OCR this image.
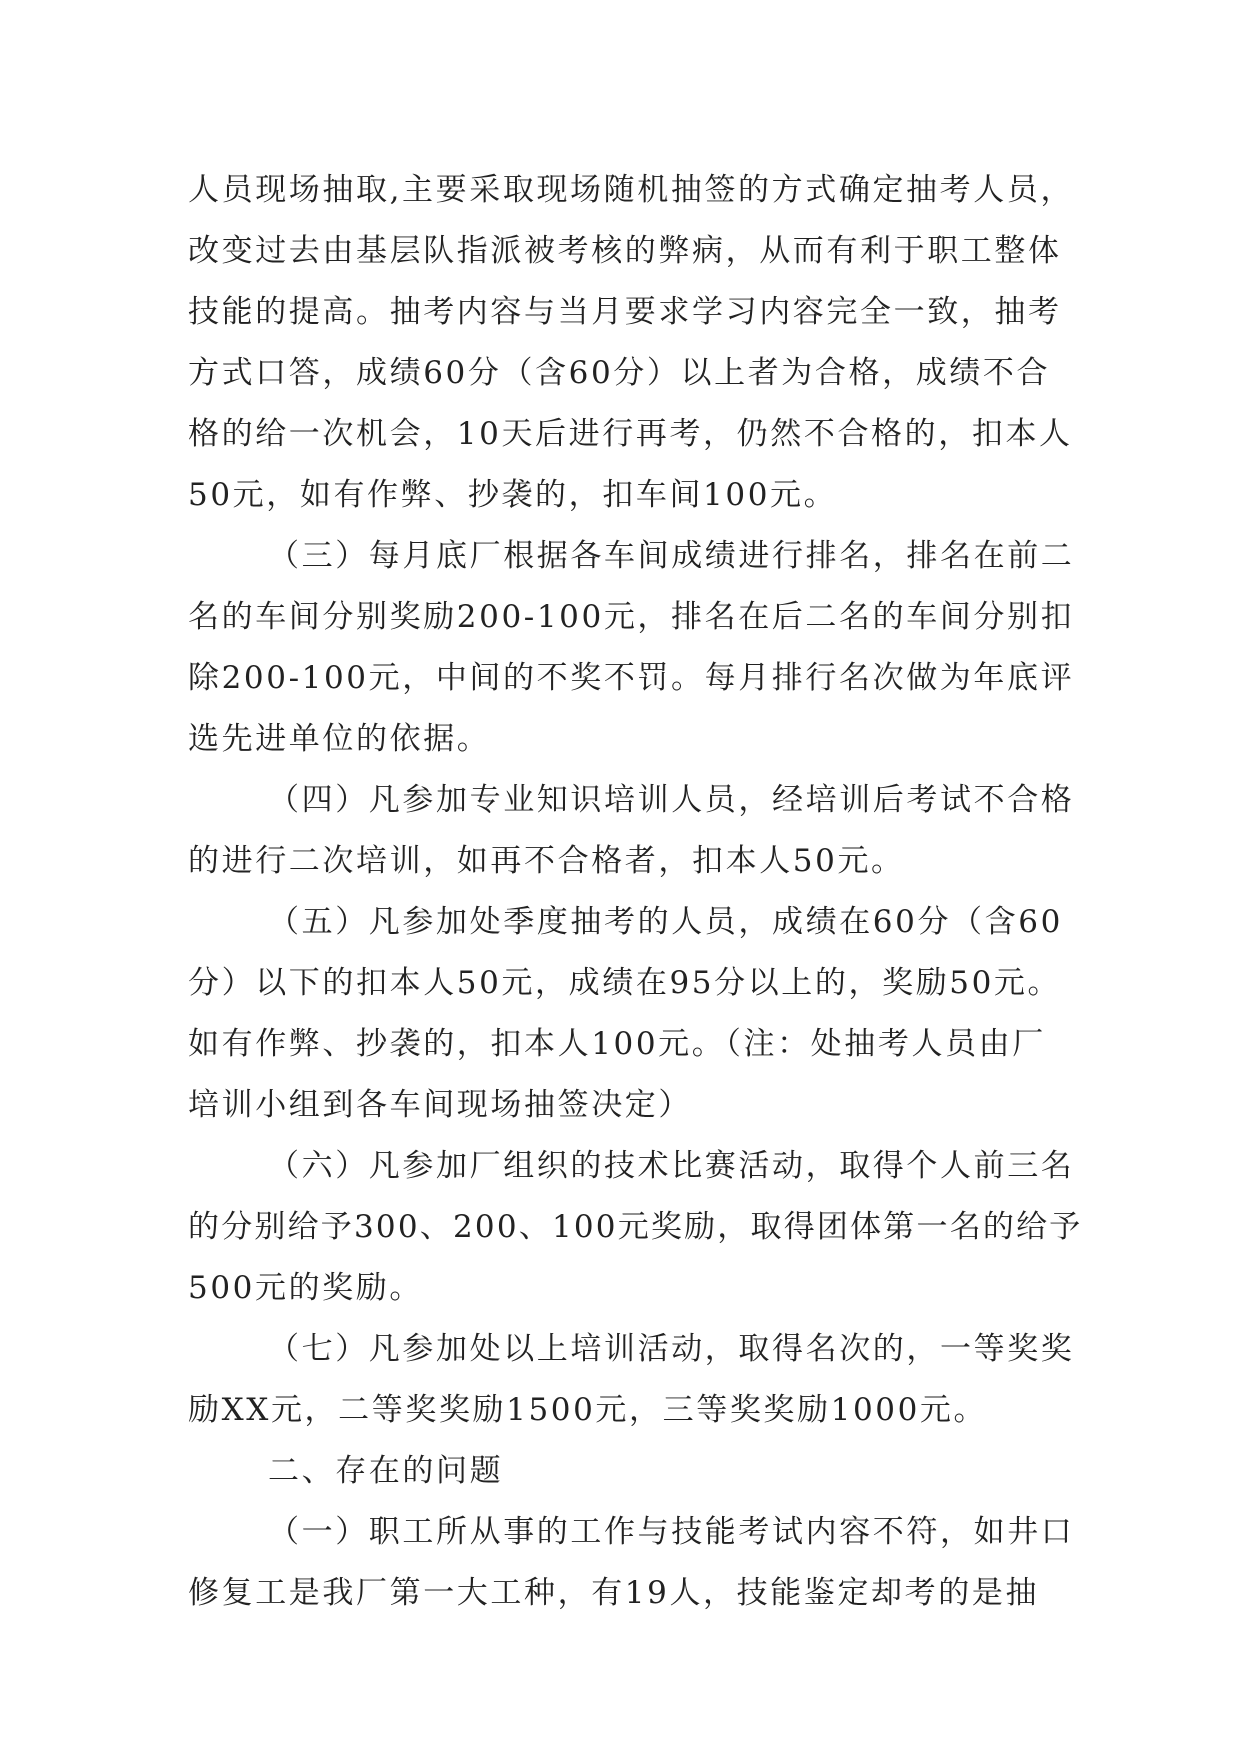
人员现场抽取,主要采取现场随机抽签的方式确定抽考人员，
改变过去由基层队指派被考核的弊病，从而有利于职工整体
技能的提高。抽考内容与当月要求学习内容完全一致，抽考
方式口答，成绩60分（含60分）以上者为合格，成绩不合
格的给一次机会，10天后进行再考，仍然不合格的，扣本人
50元，如有作弊、抄袭的，扣车间100元。
（三）每月底厂根据各车间成绩进行排名，排名在前二
名的车间分别奖励200-100元，排名在后二名的车间分别扣
除200-100元，中间的不奖不罚。每月排行名次做为年底评
选先进单位的依据。
（四）凡参加专业知识培训人员，经培训后考试不合格
的进行二次培训，如再不合格者，扣本人50元。
（五）凡参加处季度抽考的人员，成绩在60分（含60
分）以下的扣本人50元，成绩在95分以上的，奖励50元。
如有作弊、抄袭的，扣本人100元。（注：处抽考人员由厂
培训小组到各车间现场抽签决定）
（六）凡参加厂组织的技术比赛活动，取得个人前三名
的分别给予300、200、100元奖励，取得团体第一名的给予
500元的奖励。
（七）凡参加处以上培训活动，取得名次的，一等奖奖
励XX元，二等奖奖励1500元，三等奖奖励1000元。
二、存在的问题
（一）职工所从事的工作与技能考试内容不符，如井口
修复工是我厂第一大工种，有19人，技能鉴定却考的是抽
